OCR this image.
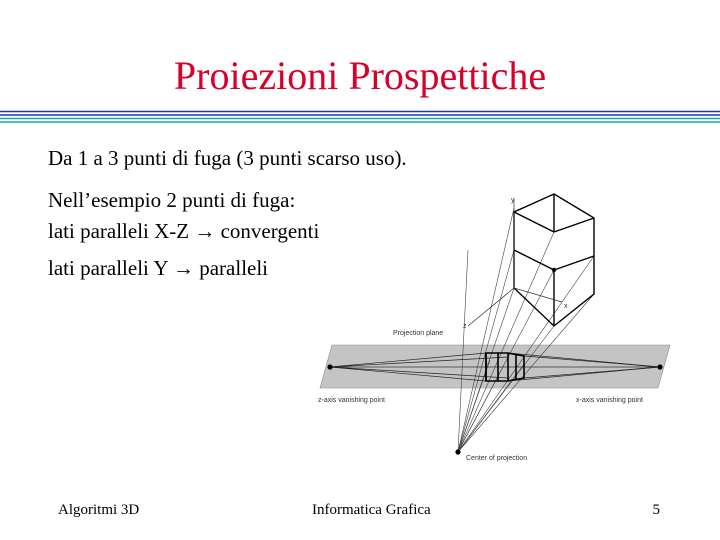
Proiezioni Prospettiche
Da 1 a 3 punti di fuga (3 punti scarso uso).
Nell’esempio 2 punti di fuga:
lati paralleli X-Z → convergenti
lati paralleli Y → paralleli
y
z
x
Projection plane
z-axis vanishing point	x-axis vanishing point
Center of projection
Algoritmi 3D	Informatica Grafica	5
